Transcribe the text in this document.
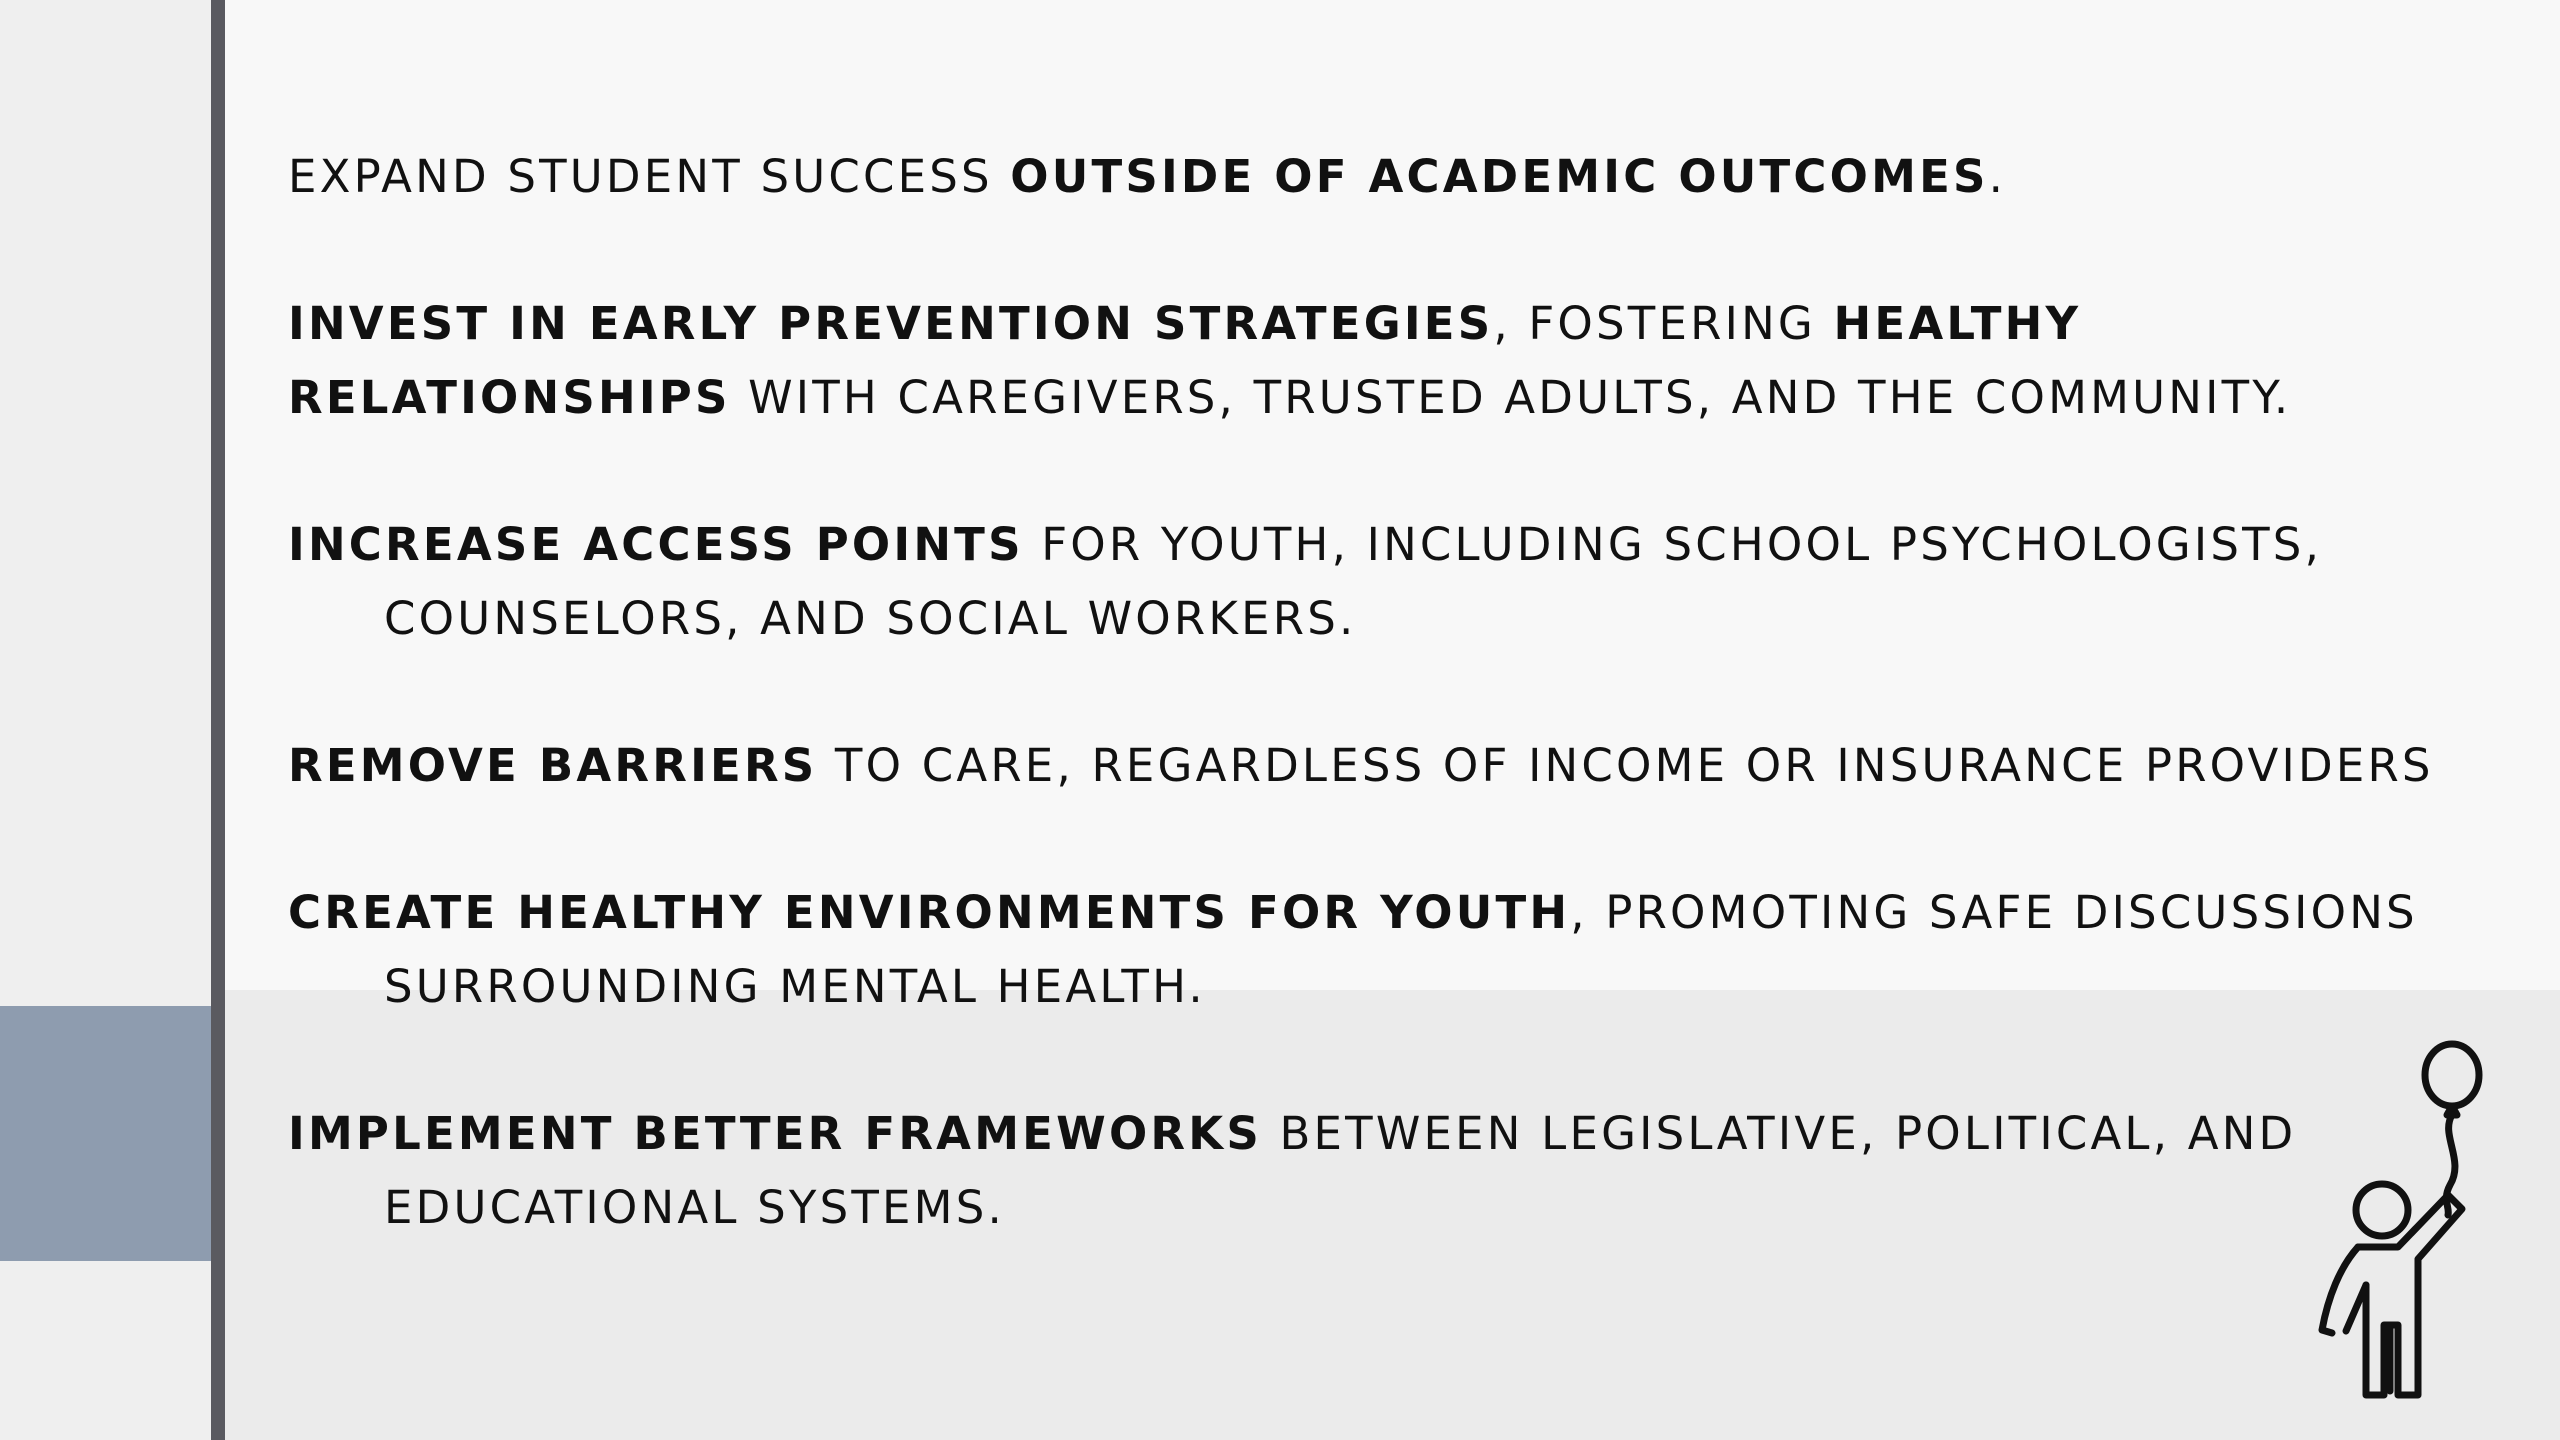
EXPAND STUDENT SUCCESS OUTSIDE OF ACADEMIC OUTCOMES.
INVEST IN EARLY PREVENTION STRATEGIES, FOSTERING HEALTHY RELATIONSHIPS WITH CAREGIVERS, TRUSTED ADULTS, AND THE COMMUNITY.
INCREASE ACCESS POINTS FOR YOUTH, INCLUDING SCHOOL PSYCHOLOGISTS, COUNSELORS, AND SOCIAL WORKERS.
REMOVE BARRIERS TO CARE, REGARDLESS OF INCOME OR INSURANCE PROVIDERS
CREATE HEALTHY ENVIRONMENTS FOR YOUTH, PROMOTING SAFE DISCUSSIONS SURROUNDING MENTAL HEALTH.
IMPLEMENT BETTER FRAMEWORKS BETWEEN LEGISLATIVE, POLITICAL, AND EDUCATIONAL SYSTEMS.
